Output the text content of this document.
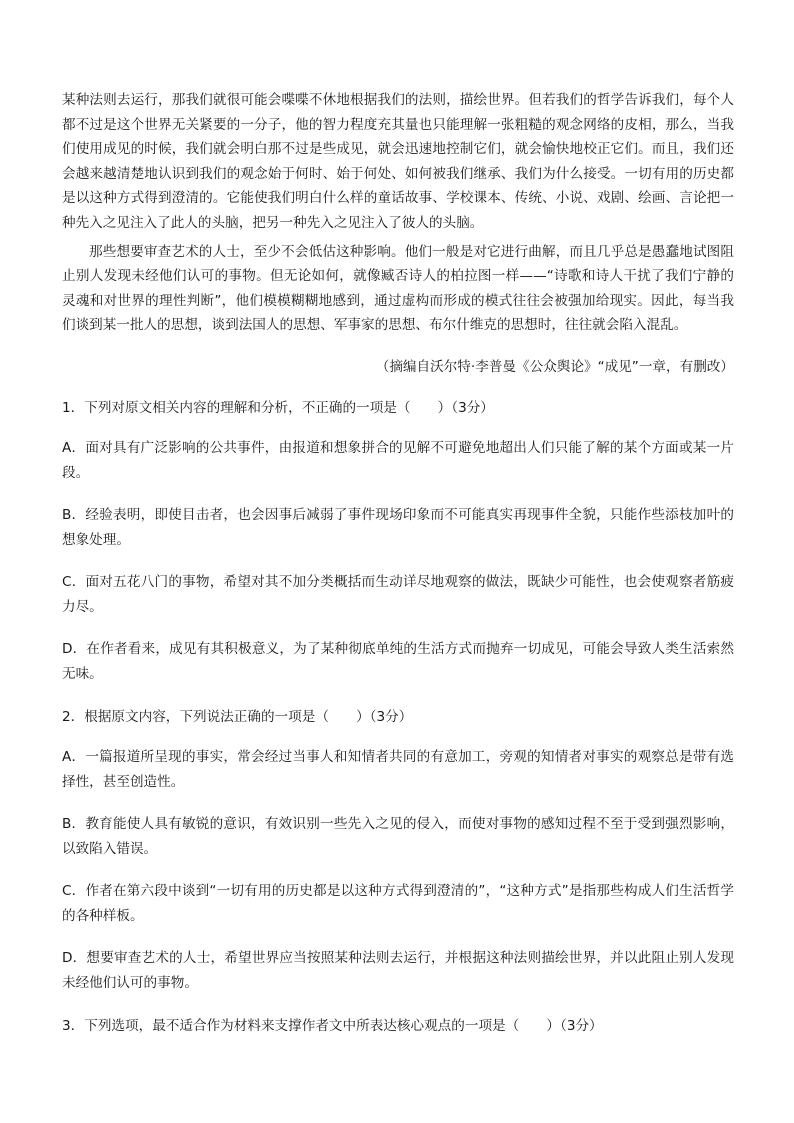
某种法则去运行，那我们就很可能会喋喋不休地根据我们的法则，描绘世界。但若我们的哲学告诉我们，每个人都不过是这个世界无关紧要的一分子，他的智力程度充其量也只能理解一张粗糙的观念网络的皮相，那么，当我们使用成见的时候，我们就会明白那不过是些成见，就会迅速地控制它们，就会愉快地校正它们。而且，我们还会越来越清楚地认识到我们的观念始于何时、始于何处、如何被我们继承、我们为什么接受。一切有用的历史都是以这种方式得到澄清的。它能使我们明白什么样的童话故事、学校课本、传统、小说、戏剧、绘画、言论把一种先入之见注入了此人的头脑，把另一种先入之见注入了彼人的头脑。

那些想要审查艺术的人士，至少不会低估这种影响。他们一般是对它进行曲解，而且几乎总是愚蠢地试图阻止别人发现未经他们认可的事物。但无论如何，就像臧否诗人的柏拉图一样——“诗歌和诗人干扰了我们宁静的灵魂和对世界的理性判断”，他们模模糊糊地感到，通过虚构而形成的模式往往会被强加给现实。因此，每当我们谈到某一批人的思想，谈到法国人的思想、军事家的思想、布尔什维克的思想时，往往就会陷入混乱。

（摘编自沃尔特·李普曼《公众舆论》“成见”一章，有删改）

1．下列对原文相关内容的理解和分析，不正确的一项是（　　）（3分）

A．面对具有广泛影响的公共事件，由报道和想象拼合的见解不可避免地超出人们只能了解的某个方面或某一片段。

B．经验表明，即使目击者，也会因事后减弱了事件现场印象而不可能真实再现事件全貌，只能作些添枝加叶的想象处理。

C．面对五花八门的事物，希望对其不加分类概括而生动详尽地观察的做法，既缺少可能性，也会使观察者筋疲力尽。

D．在作者看来，成见有其积极意义，为了某种彻底单纯的生活方式而抛弃一切成见，可能会导致人类生活索然无味。

2．根据原文内容，下列说法正确的一项是（　　）（3分）

A．一篇报道所呈现的事实，常会经过当事人和知情者共同的有意加工，旁观的知情者对事实的观察总是带有选择性，甚至创造性。

B．教育能使人具有敏锐的意识，有效识别一些先入之见的侵入，而使对事物的感知过程不至于受到强烈影响，以致陷入错误。

C．作者在第六段中谈到“一切有用的历史都是以这种方式得到澄清的”，“这种方式”是指那些构成人们生活哲学的各种样板。

D．想要审查艺术的人士，希望世界应当按照某种法则去运行，并根据这种法则描绘世界，并以此阻止别人发现未经他们认可的事物。

3．下列选项，最不适合作为材料来支撑作者文中所表达核心观点的一项是（　　）（3分）
